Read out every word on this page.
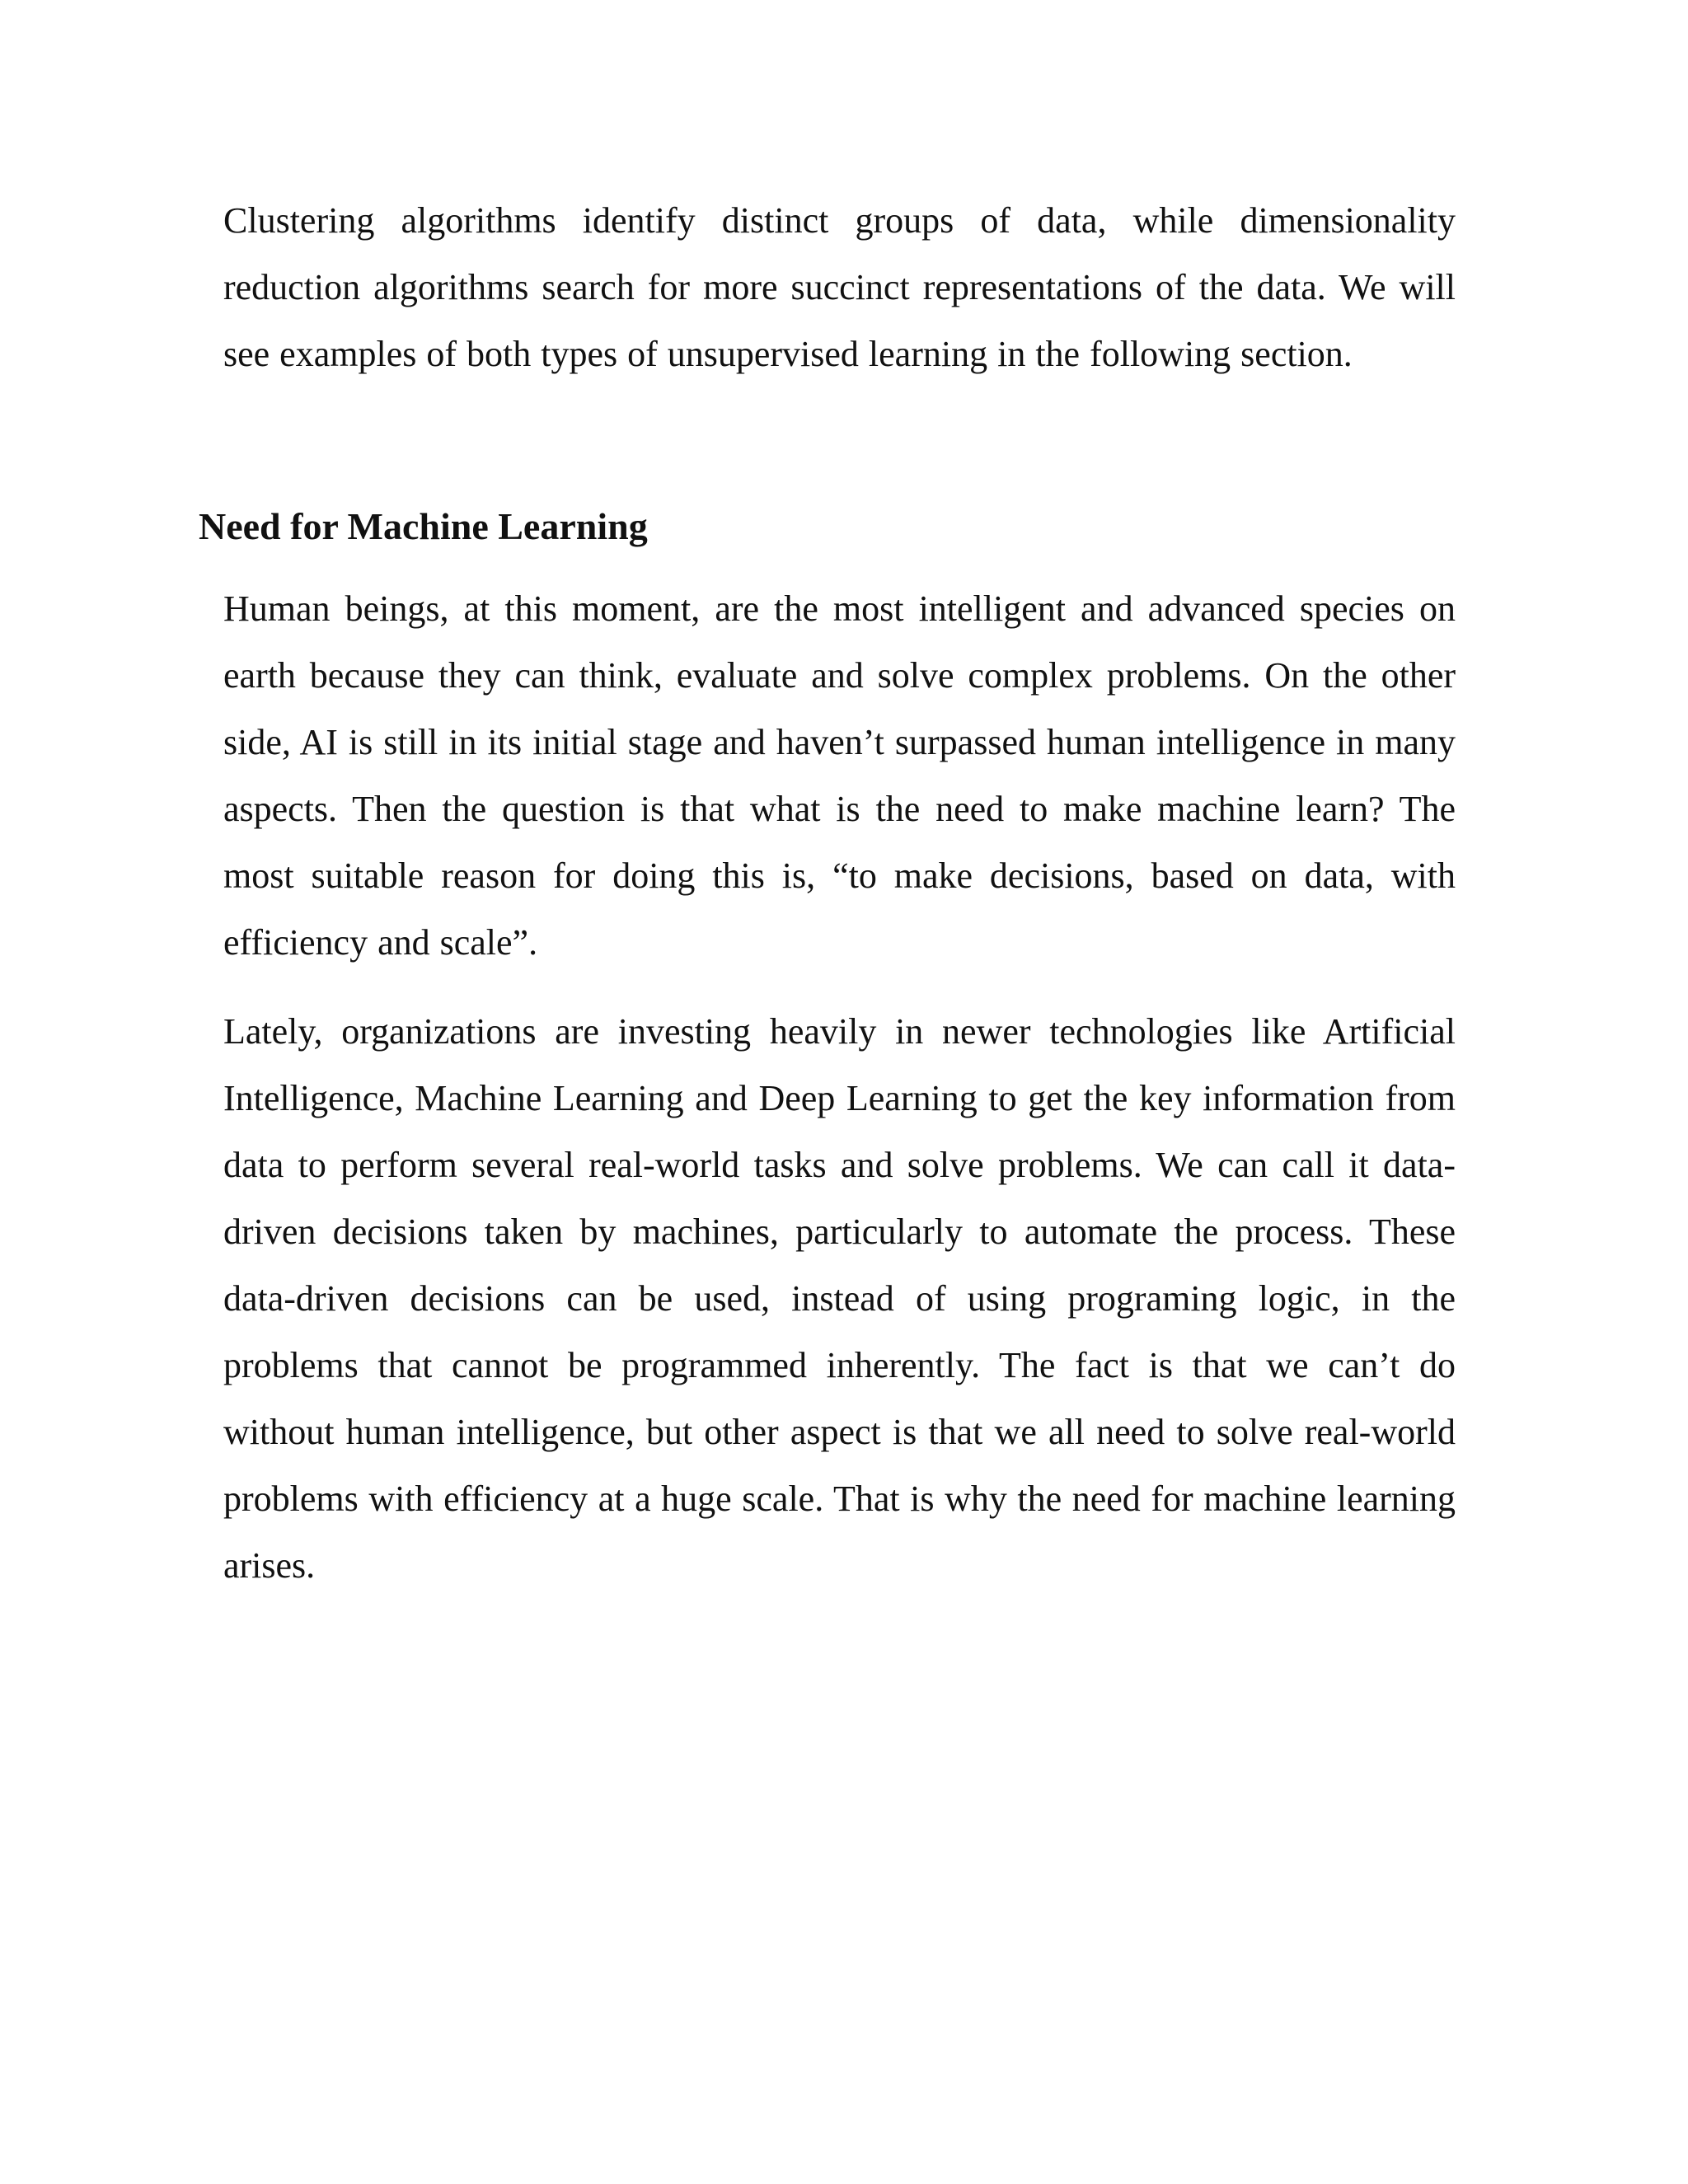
Clustering algorithms identify distinct groups of data, while dimensionality reduction algorithms search for more succinct representations of the data. We will see examples of both types of unsupervised learning in the following section.

Need for Machine Learning

Human beings, at this moment, are the most intelligent and advanced species on earth because they can think, evaluate and solve complex problems. On the other side, AI is still in its initial stage and haven’t surpassed human intelligence in many aspects. Then the question is that what is the need to make machine learn? The most suitable reason for doing this is, “to make decisions, based on data, with efficiency and scale”.

Lately, organizations are investing heavily in newer technologies like Artificial Intelligence, Machine Learning and Deep Learning to get the key information from data to perform several real-world tasks and solve problems. We can call it data-driven decisions taken by machines, particularly to automate the process. These data-driven decisions can be used, instead of using programing logic, in the problems that cannot be programmed inherently. The fact is that we can’t do without human intelligence, but other aspect is that we all need to solve real-world problems with efficiency at a huge scale. That is why the need for machine learning arises.
